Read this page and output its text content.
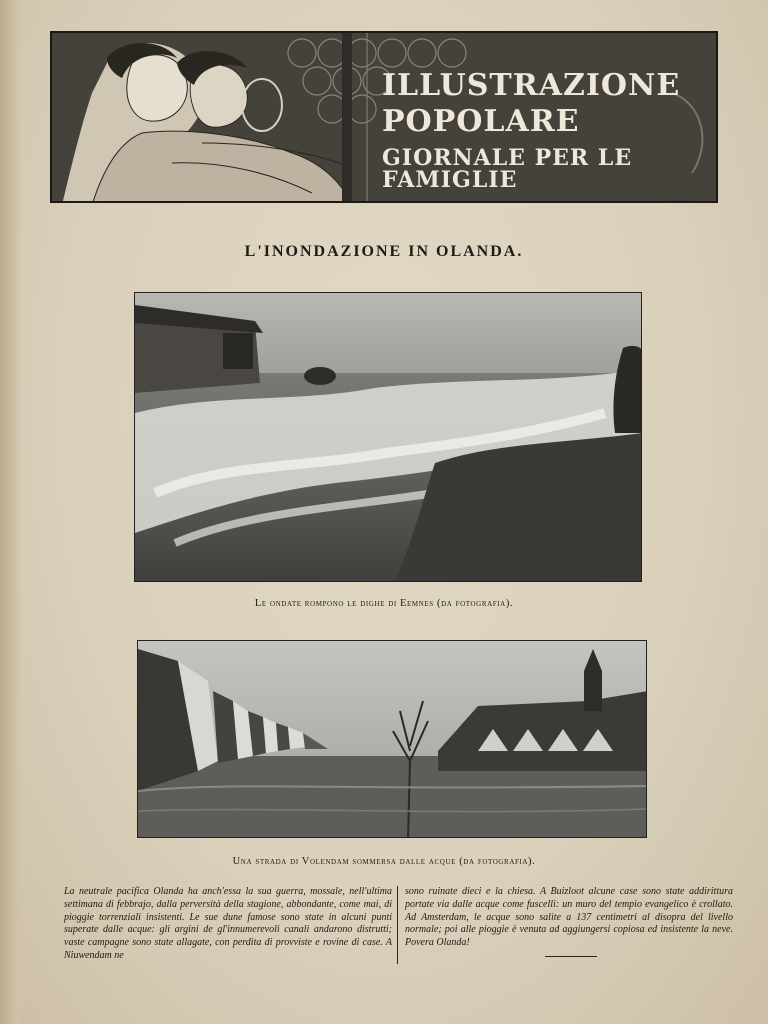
ILLUSTRAZIONE
POPOLARE
GIORNALE PER LE FAMIGLIE
L'INONDAZIONE IN OLANDA.
Le ondate rompono le dighe di Eemnes (da fotografia).
Una strada di Volendam sommersa dalle acque (da fotografia).
La neutrale pacifica Olanda ha anch'essa la sua guerra, mossale, nell'ultima settimana di febbrajo, dalla perversità della stagione, abbondante, come mai, di pioggie torrenziali insistenti. Le sue dune famose sono state in alcuni punti superate dalle acque: gli argini de gl'innumerevoli canali andarono distrutti; vaste campagne sono state allagate, con perdita di provviste e rovine di case. A Niuwendam ne
sono ruinate dieci e la chiesa. A Buizloot alcune case sono state addirittura portate via dalle acque come fuscelli: un muro del tempio evangelico è crollato. Ad Amsterdam, le acque sono salite a 137 centimetri al disopra del livello normale; poi alle pioggie è venuta ad aggiungersi copiosa ed insistente la neve. Povera Olanda!
